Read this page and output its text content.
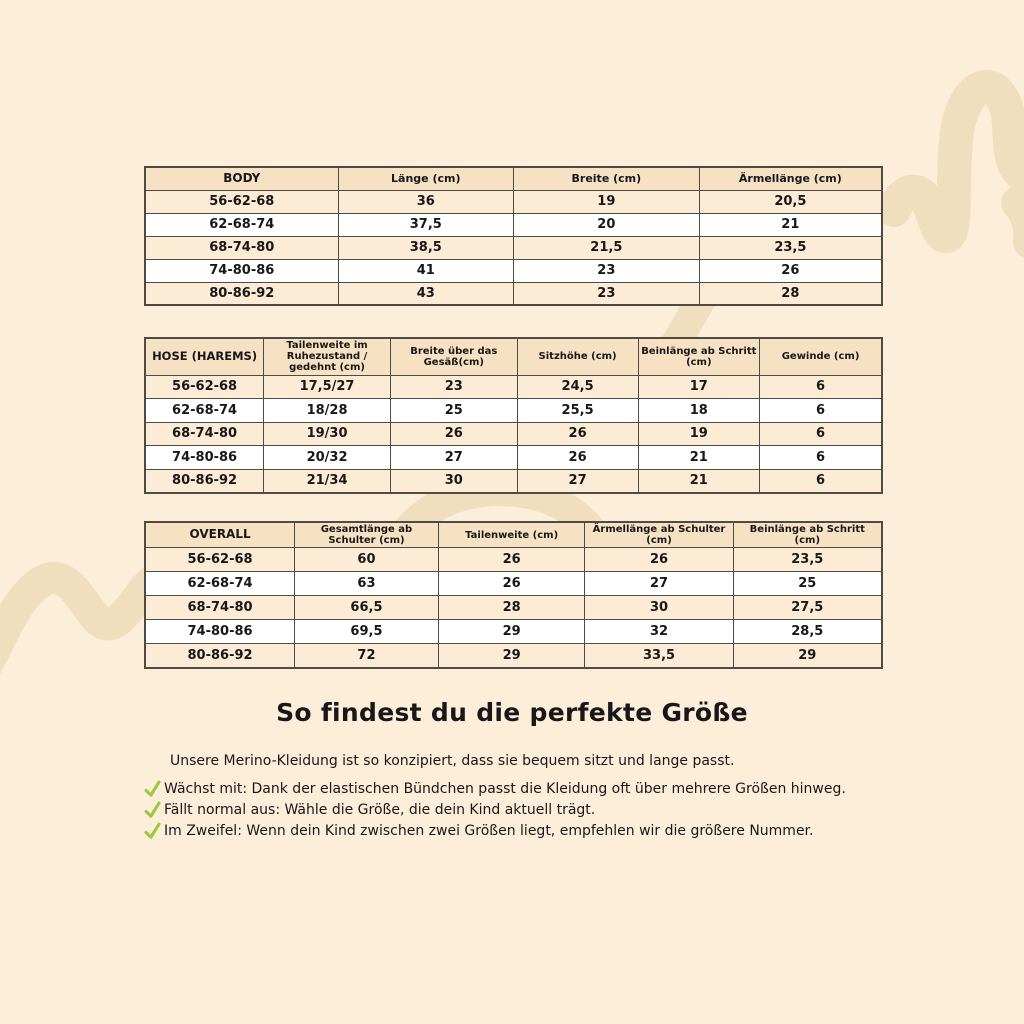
BODY	Länge (cm)	Breite (cm)	Ärmellänge (cm)
56-62-68	36	19	20,5
62-68-74	37,5	20	21
68-74-80	38,5	21,5	23,5
74-80-86	41	23	26
80-86-92	43	23	28
HOSE (HAREMS)	Tailenweite im Ruhezustand / gedehnt (cm)	Breite über das Gesäß(cm)	Sitzhöhe (cm)	Beinlänge ab Schritt (cm)	Gewinde (cm)
56-62-68	17,5/27	23	24,5	17	6
62-68-74	18/28	25	25,5	18	6
68-74-80	19/30	26	26	19	6
74-80-86	20/32	27	26	21	6
80-86-92	21/34	30	27	21	6
OVERALL	Gesamtlänge ab Schulter (cm)	Tailenweite (cm)	Ärmellänge ab Schulter (cm)	Beinlänge ab Schritt (cm)
56-62-68	60	26	26	23,5
62-68-74	63	26	27	25
68-74-80	66,5	28	30	27,5
74-80-86	69,5	29	32	28,5
80-86-92	72	29	33,5	29
So findest du die perfekte Größe

Unsere Merino-Kleidung ist so konzipiert, dass sie bequem sitzt und lange passt.

Wächst mit: Dank der elastischen Bündchen passt die Kleidung oft über mehrere Größen hinweg.
Fällt normal aus: Wähle die Größe, die dein Kind aktuell trägt.
Im Zweifel: Wenn dein Kind zwischen zwei Größen liegt, empfehlen wir die größere Nummer.
